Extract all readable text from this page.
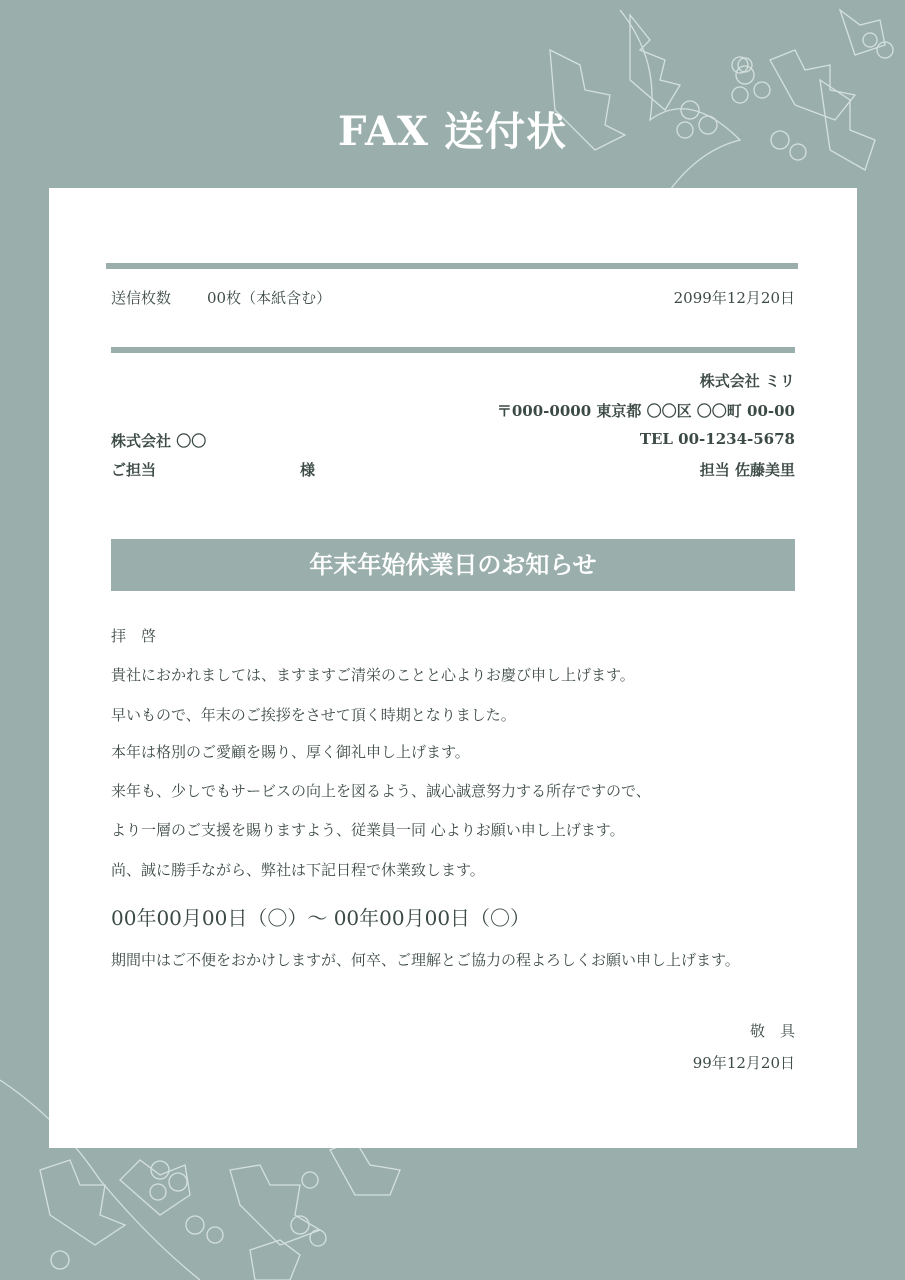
FAX 送付状
送信枚数 00枚（本紙含む）	2099年12月20日
株式会社 ミリ
〒000-0000 東京都 〇〇区 〇〇町 00-00
TEL 00-1234-5678
担当 佐藤美里
株式会社 〇〇
ご担当	様
年末年始休業日のお知らせ
拝　啓
貴社におかれましては、ますますご清栄のことと心よりお慶び申し上げます。
早いもので、年末のご挨拶をさせて頂く時期となりました。
本年は格別のご愛顧を賜り、厚く御礼申し上げます。
来年も、少しでもサービスの向上を図るよう、誠心誠意努力する所存ですので、
より一層のご支援を賜りますよう、従業員一同 心よりお願い申し上げます。
尚、誠に勝手ながら、弊社は下記日程で休業致します。
00年00月00日（〇）～ 00年00月00日（〇）
期間中はご不便をおかけしますが、何卒、ご理解とご協力の程よろしくお願い申し上げます。
敬　具
99年12月20日
